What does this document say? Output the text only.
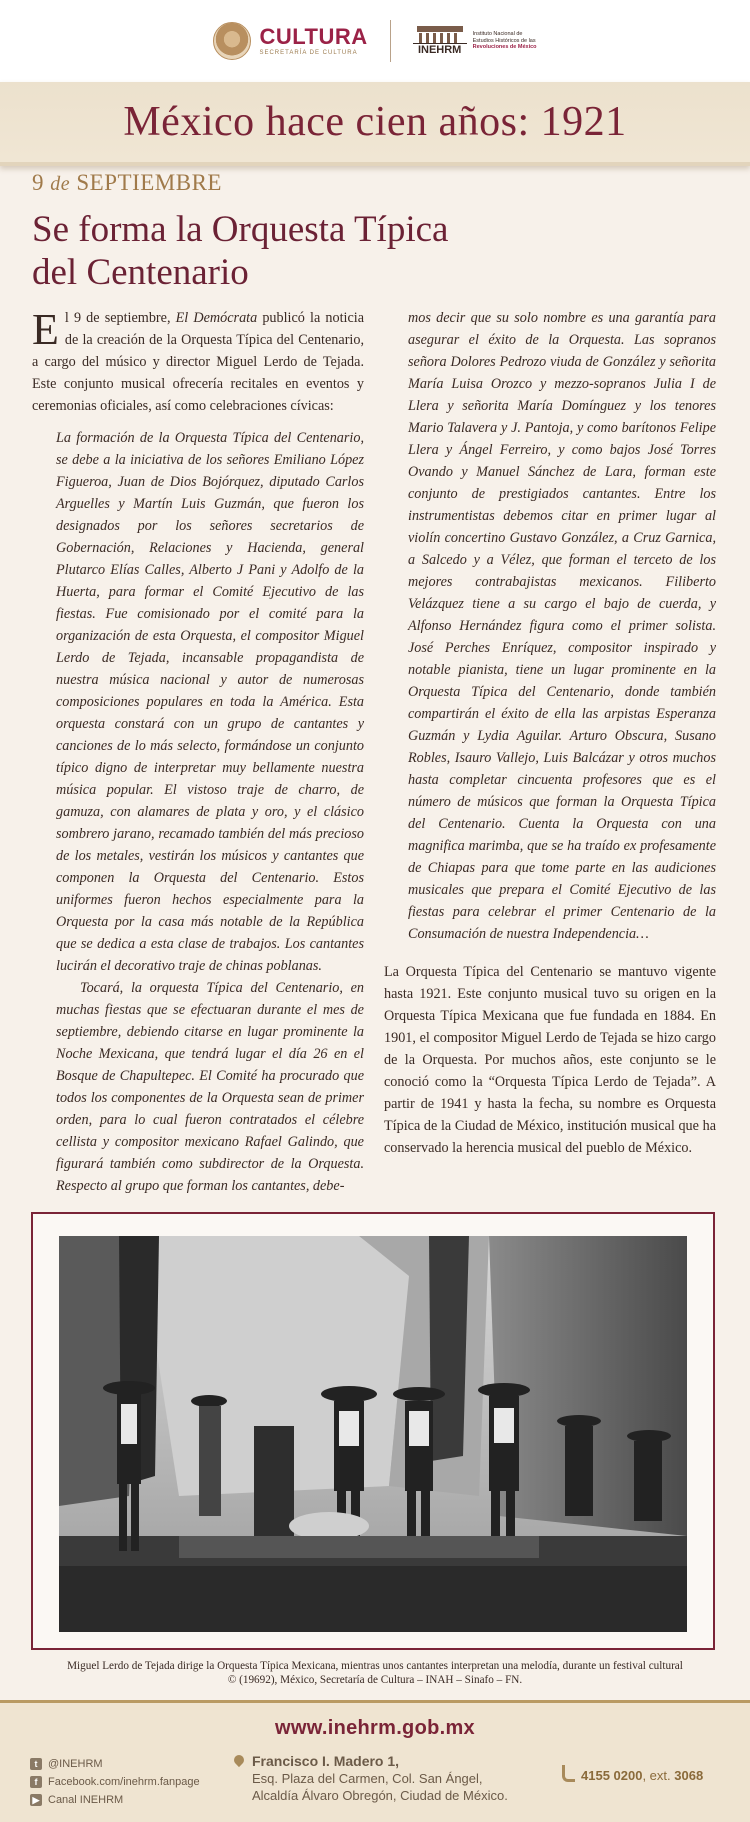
CULTURA
SECRETARÍA DE CULTURA	INEHRM
Instituto Nacional de
Estudios Históricos de las
Revoluciones de México
México hace cien años: 1921
9 de SEPTIEMBRE
Se forma la Orquesta Típica
del Centenario

El 9 de septiembre, El Demócrata publicó la noticia de la creación de la Orquesta Típica del Centenario, a cargo del músico y director Miguel Lerdo de Tejada. Este conjunto musical ofrecería recitales en eventos y ceremonias oficiales, así como celebraciones cívicas:

La formación de la Orquesta Típica del Centenario, se debe a la iniciativa de los señores Emiliano López Figueroa, Juan de Dios Bojórquez, diputado Carlos Arguelles y Martín Luis Guzmán, que fueron los designados por los señores secretarios de Gobernación, Relaciones y Hacienda, general Plutarco Elías Calles, Alberto J Pani y Adolfo de la Huerta, para formar el Comité Ejecutivo de las fiestas. Fue comisionado por el comité para la organización de esta Orquesta, el compositor Miguel Lerdo de Tejada, incansable propagandista de nuestra música nacional y autor de numerosas composiciones populares en toda la América. Esta orquesta constará con un grupo de cantantes y canciones de lo más selecto, formándose un conjunto típico digno de interpretar muy bellamente nuestra música popular. El vistoso traje de charro, de gamuza, con alamares de plata y oro, y el clásico sombrero jarano, recamado también del más precioso de los metales, vestirán los músicos y cantantes que componen la Orquesta del Centenario. Estos uniformes fueron hechos especialmente para la Orquesta por la casa más notable de la República que se dedica a esta clase de trabajos. Los cantantes lucirán el decorativo traje de chinas poblanas.

Tocará, la orquesta Típica del Centenario, en muchas fiestas que se efectuaran durante el mes de septiembre, debiendo citarse en lugar prominente la Noche Mexicana, que tendrá lugar el día 26 en el Bosque de Chapultepec. El Comité ha procurado que todos los componentes de la Orquesta sean de primer orden, para lo cual fueron contratados el célebre cellista y compositor mexicano Rafael Galindo, que figurará también como subdirector de la Orquesta. Respecto al grupo que forman los cantantes, debe-

mos decir que su solo nombre es una garantía para asegurar el éxito de la Orquesta. Las sopranos señora Dolores Pedrozo viuda de González y señorita María Luisa Orozco y mezzo-sopranos Julia I de Llera y señorita María Domínguez y los tenores Mario Talavera y J. Pantoja, y como barítonos Felipe Llera y Ángel Ferreiro, y como bajos José Torres Ovando y Manuel Sánchez de Lara, forman este conjunto de prestigiados cantantes. Entre los instrumentistas debemos citar en primer lugar al violín concertino Gustavo González, a Cruz Garnica, a Salcedo y a Vélez, que forman el terceto de los mejores contrabajistas mexicanos. Filiberto Velázquez tiene a su cargo el bajo de cuerda, y Alfonso Hernández figura como el primer solista. José Perches Enríquez, compositor inspirado y notable pianista, tiene un lugar prominente en la Orquesta Típica del Centenario, donde también compartirán el éxito de ella las arpistas Esperanza Guzmán y Lydia Aguilar. Arturo Obscura, Susano Robles, Isauro Vallejo, Luis Balcázar y otros muchos hasta completar cincuenta profesores que es el número de músicos que forman la Orquesta Típica del Centenario. Cuenta la Orquesta con una magnifica marimba, que se ha traído ex profesamente de Chiapas para que tome parte en las audiciones musicales que prepara el Comité Ejecutivo de las fiestas para celebrar el primer Centenario de la Consumación de nuestra Independencia…

La Orquesta Típica del Centenario se mantuvo vigente hasta 1921. Este conjunto musical tuvo su origen en la Orquesta Típica Mexicana que fue fundada en 1884. En 1901, el compositor Miguel Lerdo de Tejada se hizo cargo de la Orquesta. Por muchos años, este conjunto se le conoció como la “Orquesta Típica Lerdo de Tejada”. A partir de 1941 y hasta la fecha, su nombre es Orquesta Típica de la Ciudad de México, institución musical que ha conservado la herencia musical del pueblo de México.

Miguel Lerdo de Tejada dirige la Orquesta Típica Mexicana, mientras unos cantantes interpretan una melodía, durante un festival cultural
© (19692), México, Secretaría de Cultura – INAH – Sinafo – FN.
www.inehrm.gob.mx
t @INEHRM
f Facebook.com/inehrm.fanpage
▶ Canal INEHRM
Francisco I. Madero 1,
Esq. Plaza del Carmen, Col. San Ángel,
Alcaldía Álvaro Obregón, Ciudad de México.
4155 0200, ext. 3068
